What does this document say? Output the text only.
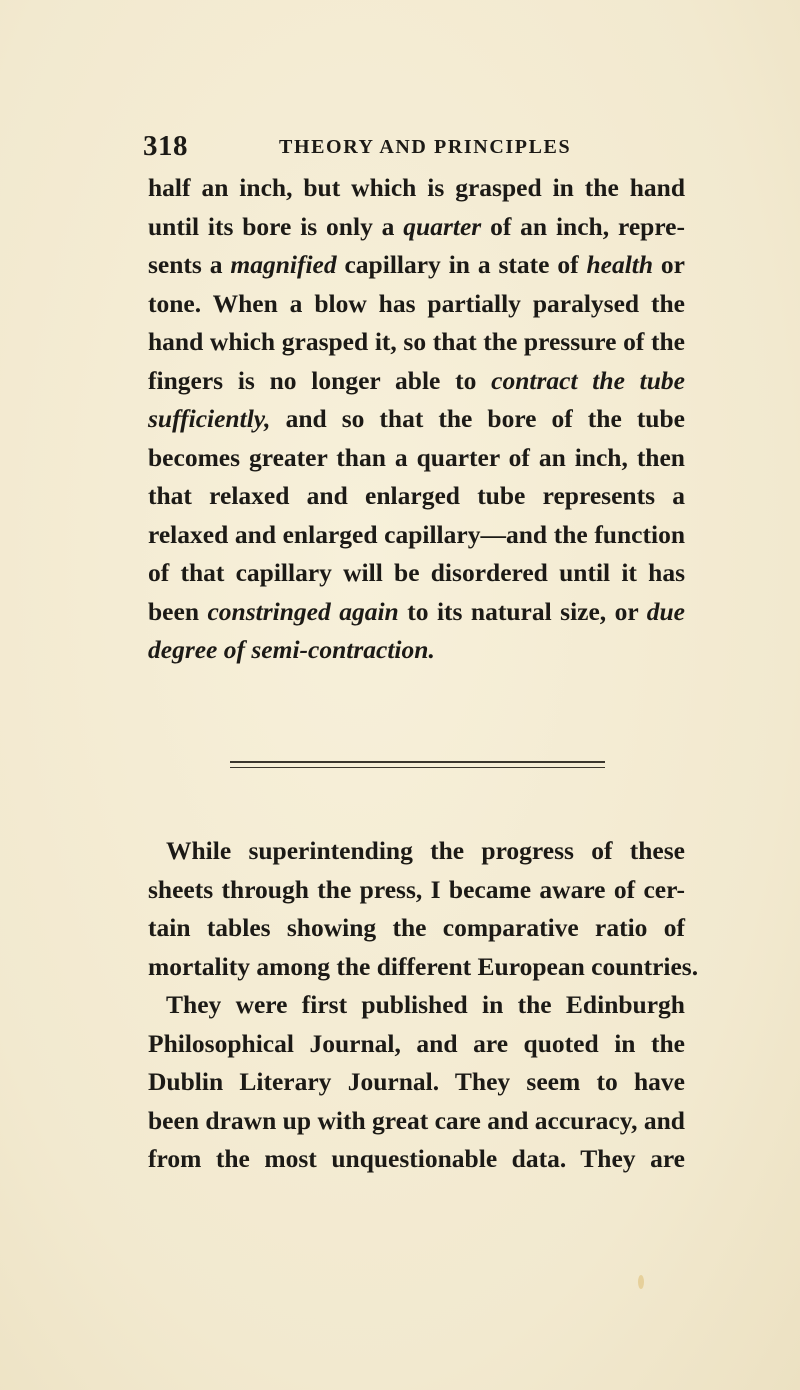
318	THEORY AND PRINCIPLES
half an inch, but which is grasped in the hand
until its bore is only a quarter of an inch, repre-
sents a magnified capillary in a state of health or
tone. When a blow has partially paralysed the
hand which grasped it, so that the pressure of the
fingers is no longer able to contract the tube
sufficiently, and so that the bore of the tube
becomes greater than a quarter of an inch, then
that relaxed and enlarged tube represents a
relaxed and enlarged capillary—and the function
of that capillary will be disordered until it has
been constringed again to its natural size, or due
degree of semi-contraction.
While superintending the progress of these
sheets through the press, I became aware of cer-
tain tables showing the comparative ratio of
mortality among the different European countries.
They were first published in the Edinburgh
Philosophical Journal, and are quoted in the
Dublin Literary Journal. They seem to have
been drawn up with great care and accuracy, and
from the most unquestionable data. They are
